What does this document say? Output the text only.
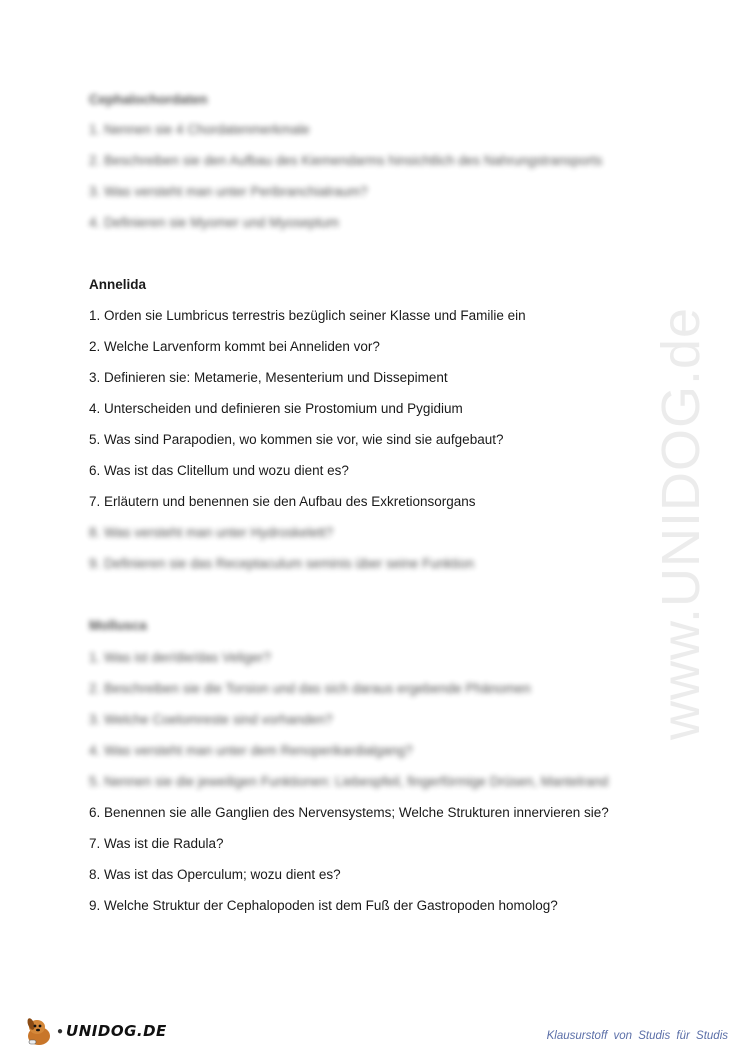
www.UNIDOG.de
Cephalochordaten
1. Nennen sie 4 Chordatenmerkmale
2. Beschreiben sie den Aufbau des Kiemendarms hinsichtlich des Nahrungstransports
3. Was versteht man unter Peribranchialraum?
4. Definieren sie Myomer und Myoseptum
Annelida
1. Orden sie Lumbricus terrestris bezüglich seiner Klasse und Familie ein
2. Welche Larvenform kommt bei Anneliden vor?
3. Definieren sie: Metamerie, Mesenterium und Dissepiment
4. Unterscheiden und definieren sie Prostomium und Pygidium
5. Was sind Parapodien, wo kommen sie vor, wie sind sie aufgebaut?
6. Was ist das Clitellum und wozu dient es?
7. Erläutern und benennen sie den Aufbau des Exkretionsorgans
8. Was versteht man unter Hydroskelett?
9. Definieren sie das Receptaculum seminis über seine Funktion
Mollusca
1. Was ist der/die/das Veliger?
2. Beschreiben sie die Torsion und das sich daraus ergebende Phänomen
3. Welche Coelomreste sind vorhanden?
4. Was versteht man unter dem Renoperikardialgang?
5. Nennen sie die jeweiligen Funktionen: Liebespfeil, fingerförmige Drüsen, Mantelrand
6. Benennen sie alle Ganglien des Nervensystems; Welche Strukturen innervieren sie?
7. Was ist die Radula?
8. Was ist das Operculum; wozu dient es?
9. Welche Struktur der Cephalopoden ist dem Fuß der Gastropoden homolog?
● UNIDOG .DE	Klausurstoff von Studis für Studis
